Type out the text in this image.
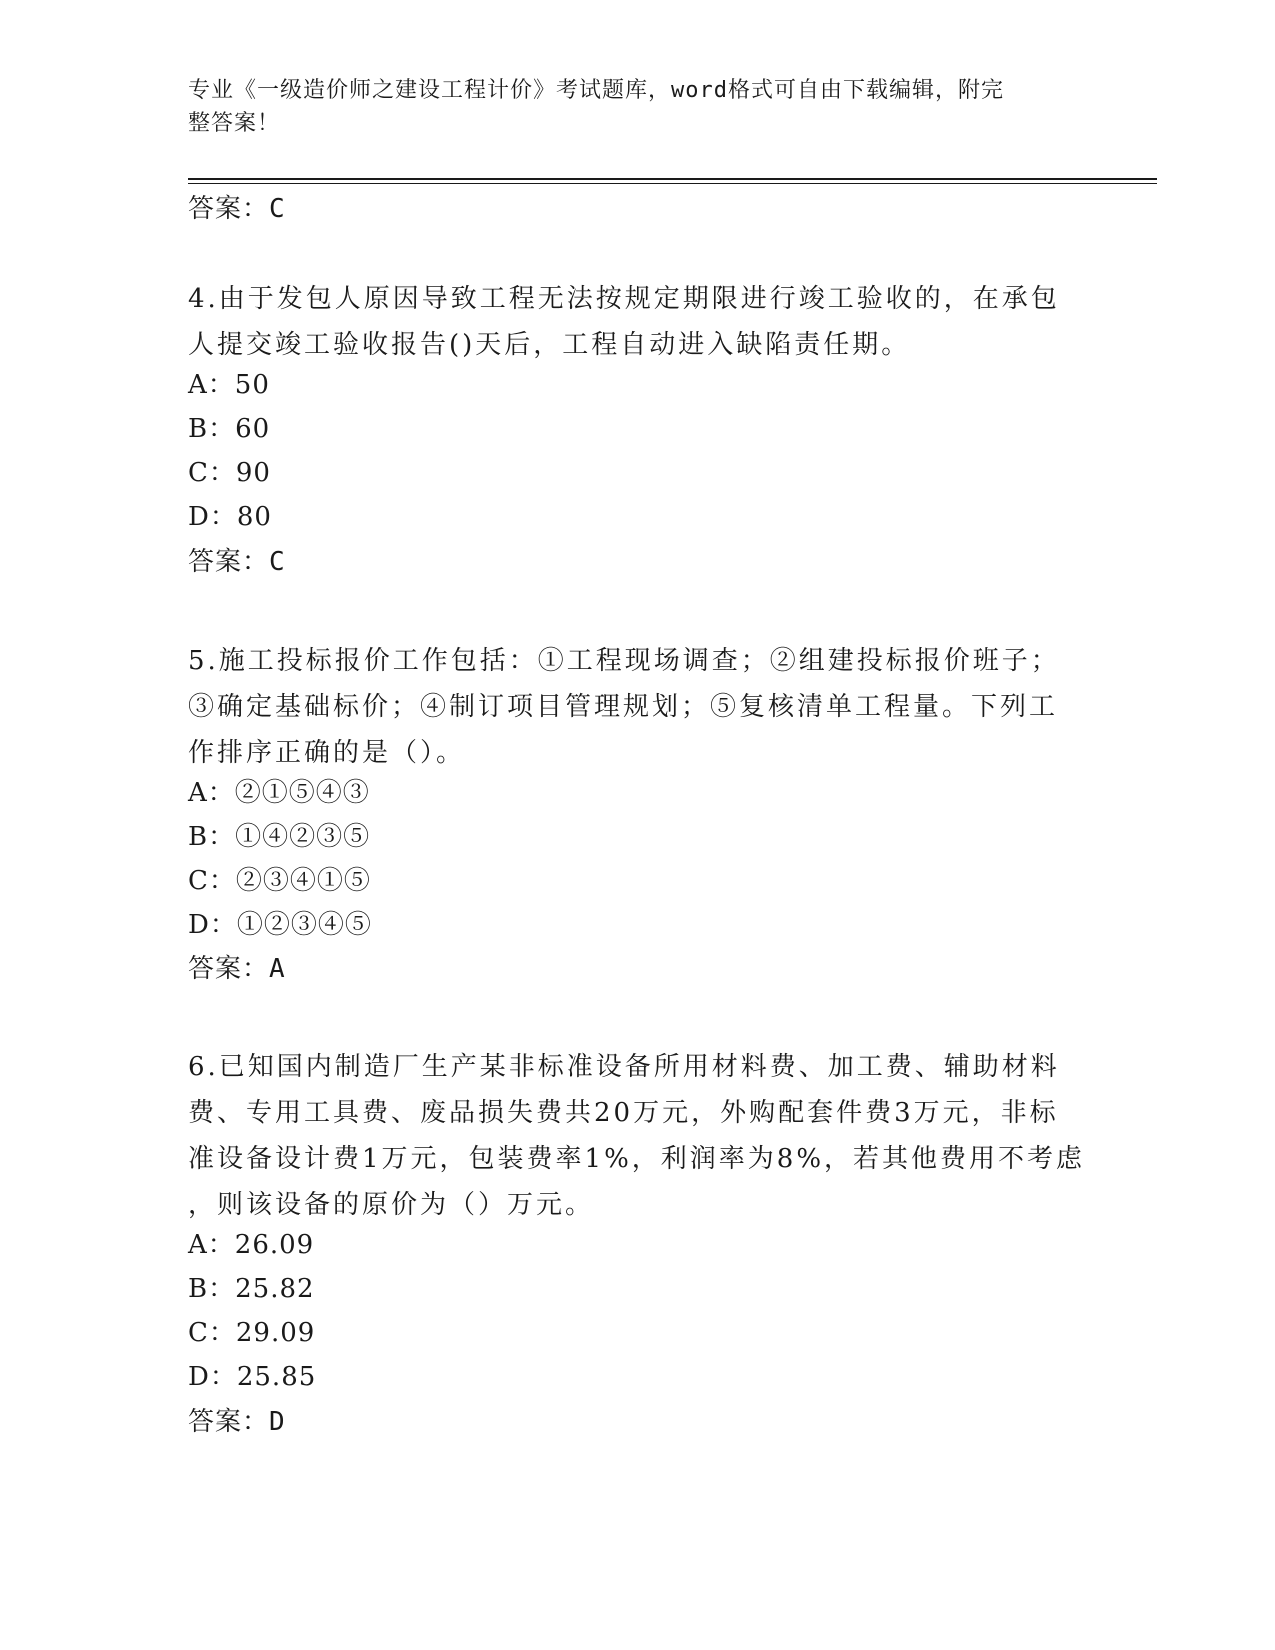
专业《一级造价师之建设工程计价》考试题库，word格式可自由下载编辑，附完
整答案！
答案：C
4.由于发包人原因导致工程无法按规定期限进行竣工验收的，在承包
人提交竣工验收报告()天后，工程自动进入缺陷责任期。
A：50
B：60
C：90
D：80
答案：C
5.施工投标报价工作包括：①工程现场调查；②组建投标报价班子；
③确定基础标价；④制订项目管理规划；⑤复核清单工程量。下列工
作排序正确的是（）。
A：②①⑤④③
B：①④②③⑤
C：②③④①⑤
D：①②③④⑤
答案：A
6.已知国内制造厂生产某非标准设备所用材料费、加工费、辅助材料
费、专用工具费、废品损失费共20万元，外购配套件费3万元，非标
准设备设计费1万元，包装费率1%，利润率为8%，若其他费用不考虑
，则该设备的原价为（）万元。
A：26.09
B：25.82
C：29.09
D：25.85
答案：D
